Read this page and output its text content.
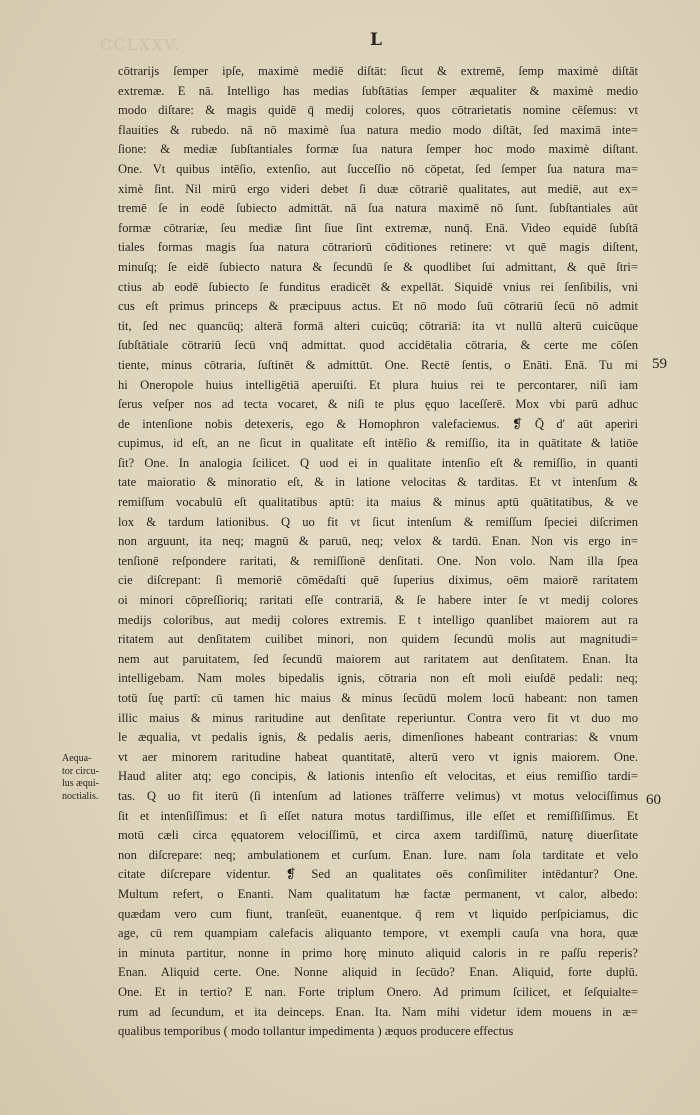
CCLXXV.	L
cōtrarijs ſemper ipſe, maximè mediē diſtāt: ſicut & extremē, ſemp maximè diſtāt
extremæ. E nā. Intelligo has medias ſubſtātias ſemper æqualiter & maximè medio
modo diſtare: & magis quidē q̄ medij colores, quos cōtrarietatis nomine cēſemus: vt
flauities & rubedo. nā nō maximè ſua natura medio modo diſtāt, ſed maximā inte=
ſione: & mediæ ſubſtantiales formæ ſua natura ſemper hoc modo maximè diſtant.
One. Vt quibus intēſio, extenſio, aut ſucceſſio nō cōpetat, ſed ſemper ſua natura ma=
ximè ſint. Nil mirū ergo videri debet ſi duæ cōtrariē qualitates, aut mediē, aut ex=
tremē ſe in eodē ſubiecto admittāt. nā ſua natura maximē nō ſunt. ſubſtantiales aūt
formæ cōtrariæ, ſeu mediæ ſint ſiue ſint extremæ, nunq̄. Enā. Video equidē ſubſtā
tiales formas magis ſua natura cōtrariorū cōditiones retinere: vt quē magis diſtent,
minuſq; ſe eidē ſubiecto natura & ſecundū ſe & quodlibet ſui admittant, & quē ſtri=
ctius ab eodē ſubiecto ſe funditus eradicēt & expellāt. Siquidē vnius rei ſenſibilis, vni
cus eſt primus princeps & præcipuus actus. Et nō modo ſuū cōtrariū ſecū nō admit
tit, ſed nec quancūq; alterā formā alteri cuicūq; cōtrariā: ita vt nullū alterū cuicūque
ſubſtātiale cōtrariū ſecū vnq̄ admittat. quod accidētalia cōtraria, & certe me cōſen
tiente, minus cōtraria, ſuſtinēt & admittūt. One. Rectē ſentis, o Enāti. Enā. Tu mi
hi Oneropole huius intelligētiā aperuiſti. Et plura huius rei te percontarer, niſi iam
ſerus veſper nos ad tecta vocaret, & niſi te plus ęquo laceſſerē. Mox vbi parū adhuc
de intenſione nobis detexeris, ego & Homophron valefacieмus. ❡ Q̄ d' aūt aperiri
cupimus, id eſt, an ne ſicut in qualitate eſt intēſio & remiſſio, ita in quātitate & latiōe
ſit? One. In analogia ſcilicet. Q uod ei in qualitate intenſio eſt & remiſſio, in quanti
tate maioratio & minoratio eſt, & in latione velocitas & tarditas. Et vt intenſum &
remiſſum vocabulū eſt qualitatibus aptū: ita maius & minus aptū quātitatibus, & ve
lox & tardum lationibus. Q uo fit vt ſicut intenſum & remiſſum ſpeciei diſcrimen
non arguunt, ita neq; magnū & paruū, neq; velox & tardū. Enan. Non vis ergo in=
tenſionē reſpondere raritati, & remiſſionē denſitati. One. Non volo. Nam illa ſpea
cie diſcrepant: ſi memoriē cōmēdaſti quē ſuperius diximus, oēm maiorē raritatem
oi minori cōpreſſioriq; raritati eſſe contrariā, & ſe habere inter ſe vt medij colores
medijs coloribus, aut medij colores extremis. E t intelligo quanlibet maiorem aut ra
ritatem aut denſitatem cuilibet minori, non quidem ſecundū molis aut magnitudi=
nem aut paruitatem, ſed ſecundū maiorem aut raritatem aut denſitatem. Enan. Ita
intelligebam. Nam moles bipedalis ignis, cōtraria non eſt moli eiuſdē pedali: neq;
totū ſuę partī: cū tamen hic maius & minus ſecūdū molem locū habeant: non tamen
illic maius & minus raritudine aut denſitate reperiuntur. Contra vero fit vt duo mo
le æqualia, vt pedalis ignis, & pedalis aeris, dimenſiones habeant contrarias: & vnum
vt aer minorem raritudine habeat quantitatē, alterū vero vt ignis maiorem. One.
Haud aliter atq; ego concipis, & lationis intenſio eſt velocitas, et eius remiſſio tardi=
tas. Q uo fit iterū (ſi intenſum ad lationes trāſferre velimus) vt motus velociſſimus
ſit et intenſiſſimus: et ſi eſſet natura motus tardiſſimus, ille eſſet et remiſſiſſimus. Et
motū cæli circa ęquatorem velociſſimū, et circa axem tardiſſimū, naturę diuerſitate
non diſcrepare: neq; ambulationem et curſum. Enan. Iure. nam ſola tarditate et velo
citate diſcrepare videntur. ❡ Sed an qualitates oēs conſimiliter intēdantur? One.
Multum refert, o Enanti. Nam qualitatum hæ factæ permanent, vt calor, albedo:
quædam vero cum fiunt, tranſeūt, euanentque. q̄ rem vt liquido perſpiciamus, dic
age, cū rem quampiam calefacis aliquanto tempore, vt exempli cauſa vna hora, quæ
in minuta partitur, nonne in primo horę minuto aliquid caloris in re paſſu reperis?
Enan. Aliquid certe. One. Nonne aliquid in ſecūdo? Enan. Aliquid, forte duplū.
One. Et in tertio? E nan. Forte triplum Onero. Ad primum ſcilicet, et ſeſquialte=
rum ad ſecundum, et ita deinceps. Enan. Ita. Nam mihi videtur idem mouens in æ=
qualibus temporibus ( modo tollantur impedimenta ) æquos producere effectus
59
60
Aequa-
tor circu-
lus æqui-
noctialis.
